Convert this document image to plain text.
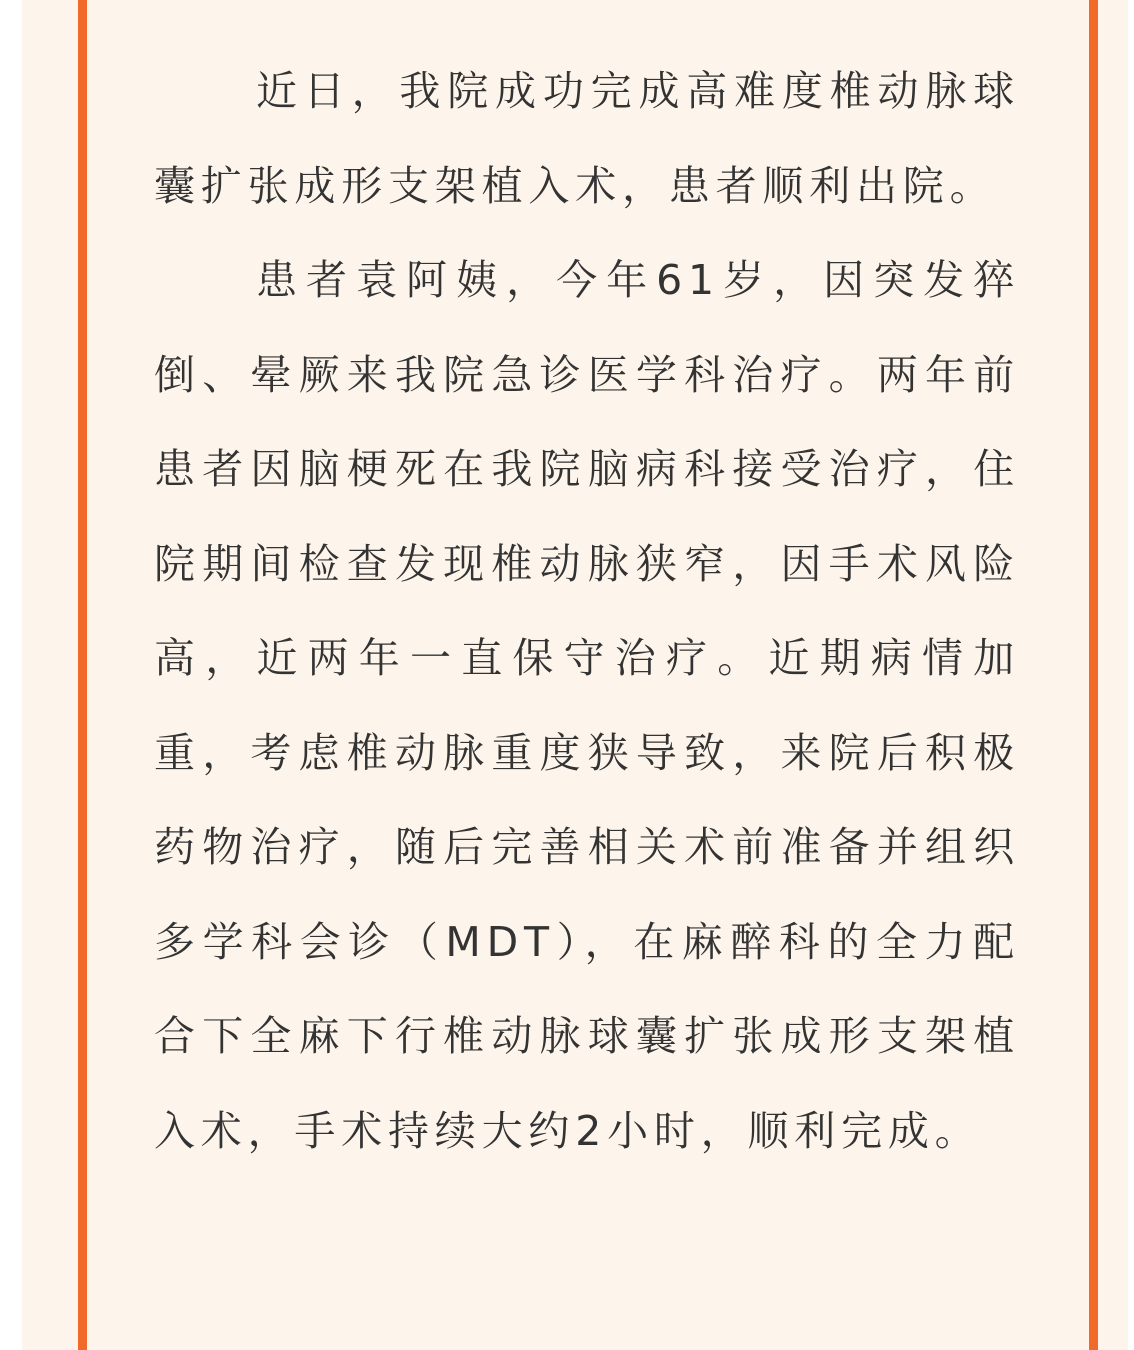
近日，我院成功完成高难度椎动脉球囊扩张成形支架植入术，患者顺利出院。

患者袁阿姨，今年61岁，因突发猝倒、晕厥来我院急诊医学科治疗。两年前患者因脑梗死在我院脑病科接受治疗，住院期间检查发现椎动脉狭窄，因手术风险高，近两年一直保守治疗。近期病情加重，考虑椎动脉重度狭导致，来院后积极药物治疗，随后完善相关术前准备并组织多学科会诊（MDT），在麻醉科的全力配合下全麻下行椎动脉球囊扩张成形支架植入术，手术持续大约2小时，顺利完成。
